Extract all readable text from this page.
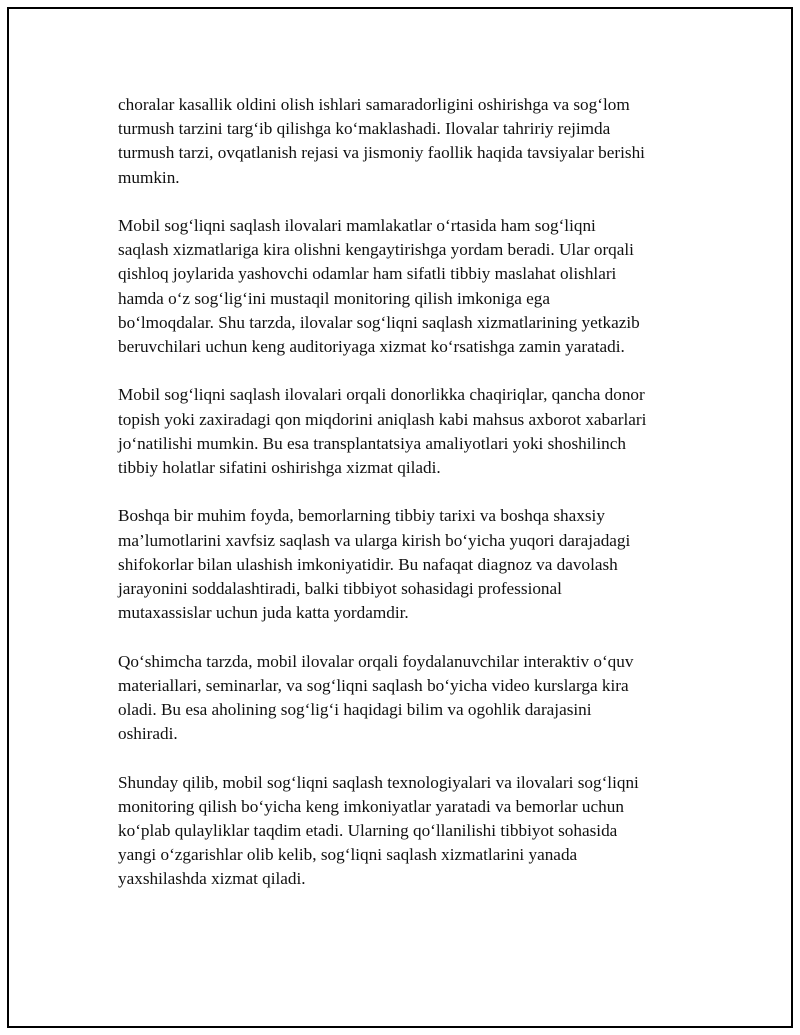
choralar kasallik oldini olish ishlari samaradorligini oshirishga va sog‘lom
turmush tarzini targ‘ib qilishga ko‘maklashadi. Ilovalar tahririy rejimda
turmush tarzi, ovqatlanish rejasi va jismoniy faollik haqida tavsiyalar berishi
mumkin.

Mobil sog‘liqni saqlash ilovalari mamlakatlar o‘rtasida ham sog‘liqni
saqlash xizmatlariga kira olishni kengaytirishga yordam beradi. Ular orqali
qishloq joylarida yashovchi odamlar ham sifatli tibbiy maslahat olishlari
hamda o‘z sog‘lig‘ini mustaqil monitoring qilish imkoniga ega
bo‘lmoqdalar. Shu tarzda, ilovalar sog‘liqni saqlash xizmatlarining yetkazib
beruvchilari uchun keng auditoriyaga xizmat ko‘rsatishga zamin yaratadi.

Mobil sog‘liqni saqlash ilovalari orqali donorlikka chaqiriqlar, qancha donor
topish yoki zaxiradagi qon miqdorini aniqlash kabi mahsus axborot xabarlari
jo‘natilishi mumkin. Bu esa transplantatsiya amaliyotlari yoki shoshilinch
tibbiy holatlar sifatini oshirishga xizmat qiladi.

Boshqa bir muhim foyda, bemorlarning tibbiy tarixi va boshqa shaxsiy
ma’lumotlarini xavfsiz saqlash va ularga kirish bo‘yicha yuqori darajadagi
shifokorlar bilan ulashish imkoniyatidir. Bu nafaqat diagnoz va davolash
jarayonini soddalashtiradi, balki tibbiyot sohasidagi professional
mutaxassislar uchun juda katta yordamdir.

Qo‘shimcha tarzda, mobil ilovalar orqali foydalanuvchilar interaktiv o‘quv
materiallari, seminarlar, va sog‘liqni saqlash bo‘yicha video kurslarga kira
oladi. Bu esa aholining sog‘lig‘i haqidagi bilim va ogohlik darajasini
oshiradi.

Shunday qilib, mobil sog‘liqni saqlash texnologiyalari va ilovalari sog‘liqni
monitoring qilish bo‘yicha keng imkoniyatlar yaratadi va bemorlar uchun
ko‘plab qulayliklar taqdim etadi. Ularning qo‘llanilishi tibbiyot sohasida
yangi o‘zgarishlar olib kelib, sog‘liqni saqlash xizmatlarini yanada
yaxshilashda xizmat qiladi.
